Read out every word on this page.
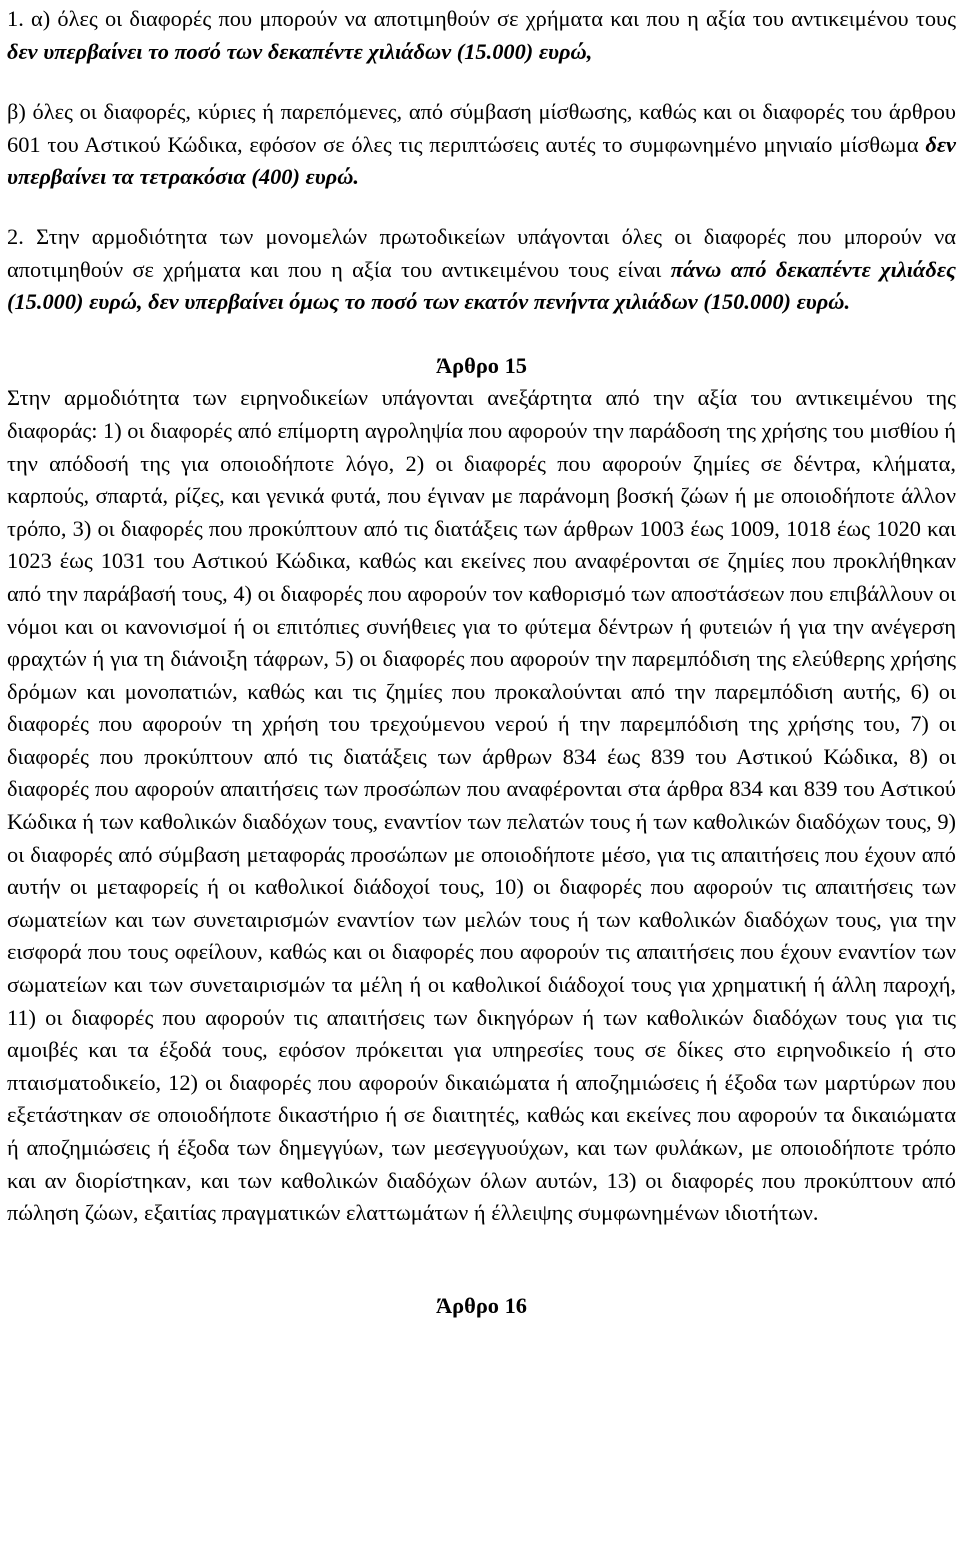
1. α) όλες οι διαφορές που μπορούν να αποτιμηθούν σε χρήματα και που η αξία του αντικειμένου τους δεν υπερβαίνει το ποσό των δεκαπέντε χιλιάδων (15.000) ευρώ,

β) όλες οι διαφορές, κύριες ή παρεπόμενες, από σύμβαση μίσθωσης, καθώς και οι διαφορές του άρθρου 601 του Αστικού Κώδικα, εφόσον σε όλες τις περιπτώσεις αυτές το συμφωνημένο μηνιαίο μίσθωμα δεν υπερβαίνει τα τετρακόσια (400) ευρώ.

2. Στην αρμοδιότητα των μονομελών πρωτοδικείων υπάγονται όλες οι διαφορές που μπορούν να αποτιμηθούν σε χρήματα και που η αξία του αντικειμένου τους είναι πάνω από δεκαπέντε χιλιάδες (15.000) ευρώ, δεν υπερβαίνει όμως το ποσό των εκατόν πενήντα χιλιάδων (150.000) ευρώ.

Άρθρο 15

Στην αρμοδιότητα των ειρηνοδικείων υπάγονται ανεξάρτητα από την αξία του αντικειμένου της διαφοράς: 1) οι διαφορές από επίμορτη αγροληψία που αφορούν την παράδοση της χρήσης του μισθίου ή την απόδοσή της για οποιοδήποτε λόγο, 2) οι διαφορές που αφορούν ζημίες σε δέντρα, κλήματα, καρπούς, σπαρτά, ρίζες, και γενικά φυτά, που έγιναν με παράνομη βοσκή ζώων ή με οποιοδήποτε άλλον τρόπο, 3) οι διαφορές που προκύπτουν από τις διατάξεις των άρθρων 1003 έως 1009, 1018 έως 1020 και 1023 έως 1031 του Αστικού Κώδικα, καθώς και εκείνες που αναφέρονται σε ζημίες που προκλήθηκαν από την παράβασή τους, 4) οι διαφορές που αφορούν τον καθορισμό των αποστάσεων που επιβάλλουν οι νόμοι και οι κανονισμοί ή οι επιτόπιες συνήθειες για το φύτεμα δέντρων ή φυτειών ή για την ανέγερση φραχτών ή για τη διάνοιξη τάφρων, 5) οι διαφορές που αφορούν την παρεμπόδιση της ελεύθερης χρήσης δρόμων και μονοπατιών, καθώς και τις ζημίες που προκαλούνται από την παρεμπόδιση αυτής, 6) οι διαφορές που αφορούν τη χρήση του τρεχούμενου νερού ή την παρεμπόδιση της χρήσης του, 7) οι διαφορές που προκύπτουν από τις διατάξεις των άρθρων 834 έως 839 του Αστικού Κώδικα, 8) οι διαφορές που αφορούν απαιτήσεις των προσώπων που αναφέρονται στα άρθρα 834 και 839 του Αστικού Κώδικα ή των καθολικών διαδόχων τους, εναντίον των πελατών τους ή των καθολικών διαδόχων τους, 9) οι διαφορές από σύμβαση μεταφοράς προσώπων με οποιοδήποτε μέσο, για τις απαιτήσεις που έχουν από αυτήν οι μεταφορείς ή οι καθολικοί διάδοχοί τους, 10) οι διαφορές που αφορούν τις απαιτήσεις των σωματείων και των συνεταιρισμών εναντίον των μελών τους ή των καθολικών διαδόχων τους, για την εισφορά που τους οφείλουν, καθώς και οι διαφορές που αφορούν τις απαιτήσεις που έχουν εναντίον των σωματείων και των συνεταιρισμών τα μέλη ή οι καθολικοί διάδοχοί τους για χρηματική ή άλλη παροχή, 11) οι διαφορές που αφορούν τις απαιτήσεις των δικηγόρων ή των καθολικών διαδόχων τους για τις αμοιβές και τα έξοδά τους, εφόσον πρόκειται για υπηρεσίες τους σε δίκες στο ειρηνοδικείο ή στο πταισματοδικείο, 12) οι διαφορές που αφορούν δικαιώματα ή αποζημιώσεις ή έξοδα των μαρτύρων που εξετάστηκαν σε οποιοδήποτε δικαστήριο ή σε διαιτητές, καθώς και εκείνες που αφορούν τα δικαιώματα ή αποζημιώσεις ή έξοδα των δημεγγύων, των μεσεγγυούχων, και των φυλάκων, με οποιοδήποτε τρόπο και αν διορίστηκαν, και των καθολικών διαδόχων όλων αυτών, 13) οι διαφορές που προκύπτουν από πώληση ζώων, εξαιτίας πραγματικών ελαττωμάτων ή έλλειψης συμφωνημένων ιδιοτήτων.

Άρθρο 16
